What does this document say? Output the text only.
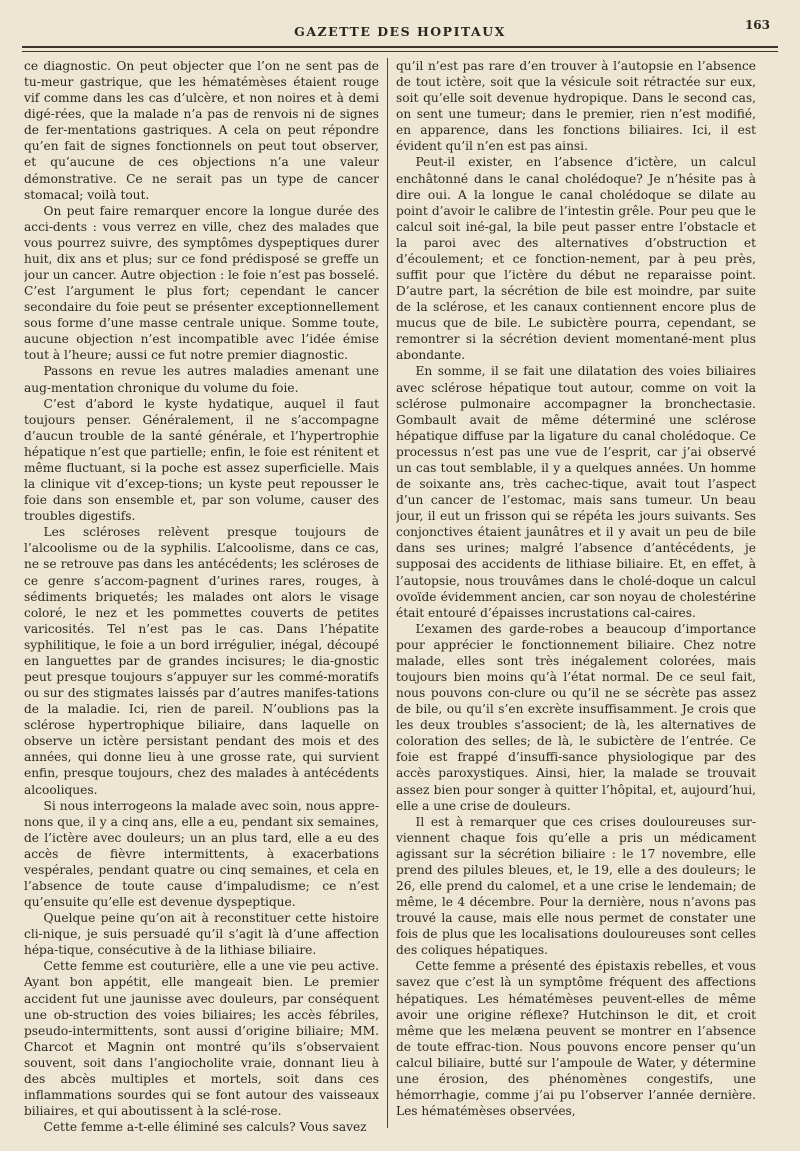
GAZETTE DES HOPITAUX	163

ce diagnostic. On peut objecter que l’on ne sent pas de tu-meur gastrique, que les hématémèses étaient rouge vif comme dans les cas d’ulcère, et non noires et à demi digé-rées, que la malade n’a pas de renvois ni de signes de fer-mentations gastriques. A cela on peut répondre qu’en fait de signes fonctionnels on peut tout observer, et qu’aucune de ces objections n’a une valeur démonstrative. Ce ne serait pas un type de cancer stomacal; voilà tout.

On peut faire remarquer encore la longue durée des acci-dents : vous verrez en ville, chez des malades que vous pourrez suivre, des symptômes dyspeptiques durer huit, dix ans et plus; sur ce fond prédisposé se greffe un jour un cancer. Autre objection : le foie n’est pas bosselé. C’est l’argument le plus fort; cependant le cancer secondaire du foie peut se présenter exceptionnellement sous forme d’une masse centrale unique. Somme toute, aucune objection n’est incompatible avec l’idée émise tout à l’heure; aussi ce fut notre premier diagnostic.

Passons en revue les autres maladies amenant une aug-mentation chronique du volume du foie.

C’est d’abord le kyste hydatique, auquel il faut toujours penser. Généralement, il ne s’accompagne d’aucun trouble de la santé générale, et l’hypertrophie hépatique n’est que partielle; enfin, le foie est rénitent et même fluctuant, si la poche est assez superficielle. Mais la clinique vit d’excep-tions; un kyste peut repousser le foie dans son ensemble et, par son volume, causer des troubles digestifs.

Les scléroses relèvent presque toujours de l’alcoolisme ou de la syphilis. L’alcoolisme, dans ce cas, ne se retrouve pas dans les antécédents; les scléroses de ce genre s’accom-pagnent d’urines rares, rouges, à sédiments briquetés; les malades ont alors le visage coloré, le nez et les pommettes couverts de petites varicosités. Tel n’est pas le cas. Dans l’hépatite syphilitique, le foie a un bord irrégulier, inégal, découpé en languettes par de grandes incisures; le dia-gnostic peut presque toujours s’appuyer sur les commé-moratifs ou sur des stigmates laissés par d’autres manifes-tations de la maladie. Ici, rien de pareil. N’oublions pas la sclérose hypertrophique biliaire, dans laquelle on observe un ictère persistant pendant des mois et des années, qui donne lieu à une grosse rate, qui survient enfin, presque toujours, chez des malades à antécédents alcooliques.

Si nous interrogeons la malade avec soin, nous appre-nons que, il y a cinq ans, elle a eu, pendant six semaines, de l’ictère avec douleurs; un an plus tard, elle a eu des accès de fièvre intermittents, à exacerbations vespérales, pendant quatre ou cinq semaines, et cela en l’absence de toute cause d’impaludisme; ce n’est qu’ensuite qu’elle est devenue dyspeptique.

Quelque peine qu’on ait à reconstituer cette histoire cli-nique, je suis persuadé qu’il s’agit là d’une affection hépa-tique, consécutive à de la lithiase biliaire.

Cette femme est couturière, elle a une vie peu active. Ayant bon appétit, elle mangeait bien. Le premier accident fut une jaunisse avec douleurs, par conséquent une ob-struction des voies biliaires; les accès fébriles, pseudo-intermittents, sont aussi d’origine biliaire; MM. Charcot et Magnin ont montré qu’ils s’observaient souvent, soit dans l’angiocholite vraie, donnant lieu à des abcès multiples et mortels, soit dans ces inflammations sourdes qui se font autour des vaisseaux biliaires, et qui aboutissent à la sclé-rose.

Cette femme a-t-elle éliminé ses calculs? Vous savez

qu’il n’est pas rare d’en trouver à l’autopsie en l’absence de tout ictère, soit que la vésicule soit rétractée sur eux, soit qu’elle soit devenue hydropique. Dans le second cas, on sent une tumeur; dans le premier, rien n’est modifié, en apparence, dans les fonctions biliaires. Ici, il est évident qu’il n’en est pas ainsi.

Peut-il exister, en l’absence d’ictère, un calcul enchâtonné dans le canal cholédoque? Je n’hésite pas à dire oui. A la longue le canal cholédoque se dilate au point d’avoir le calibre de l’intestin grêle. Pour peu que le calcul soit iné-gal, la bile peut passer entre l’obstacle et la paroi avec des alternatives d’obstruction et d’écoulement; et ce fonction-nement, par à peu près, suffit pour que l’ictère du début ne reparaisse point. D’autre part, la sécrétion de bile est moindre, par suite de la sclérose, et les canaux contiennent encore plus de mucus que de bile. Le subictère pourra, cependant, se remontrer si la sécrétion devient momentané-ment plus abondante.

En somme, il se fait une dilatation des voies biliaires avec sclérose hépatique tout autour, comme on voit la sclérose pulmonaire accompagner la bronchectasie. Gombault avait de même déterminé une sclérose hépatique diffuse par la ligature du canal cholédoque. Ce processus n’est pas une vue de l’esprit, car j’ai observé un cas tout semblable, il y a quelques années. Un homme de soixante ans, très cachec-tique, avait tout l’aspect d’un cancer de l’estomac, mais sans tumeur. Un beau jour, il eut un frisson qui se répéta les jours suivants. Ses conjonctives étaient jaunâtres et il y avait un peu de bile dans ses urines; malgré l’absence d’antécédents, je supposai des accidents de lithiase biliaire. Et, en effet, à l’autopsie, nous trouvâmes dans le cholé-doque un calcul ovoïde évidemment ancien, car son noyau de cholestérine était entouré d’épaisses incrustations cal-caires.

L’examen des garde-robes a beaucoup d’importance pour apprécier le fonctionnement biliaire. Chez notre malade, elles sont très inégalement colorées, mais toujours bien moins qu’à l’état normal. De ce seul fait, nous pouvons con-clure ou qu’il ne se sécrète pas assez de bile, ou qu’il s’en excrète insuffisamment. Je crois que les deux troubles s’associent; de là, les alternatives de coloration des selles; de là, le subictère de l’entrée. Ce foie est frappé d’insuffi-sance physiologique par des accès paroxystiques. Ainsi, hier, la malade se trouvait assez bien pour songer à quitter l’hôpital, et, aujourd’hui, elle a une crise de douleurs.

Il est à remarquer que ces crises douloureuses sur-viennent chaque fois qu’elle a pris un médicament agissant sur la sécrétion biliaire : le 17 novembre, elle prend des pilules bleues, et, le 19, elle a des douleurs; le 26, elle prend du calomel, et a une crise le lendemain; de même, le 4 décembre. Pour la dernière, nous n’avons pas trouvé la cause, mais elle nous permet de constater une fois de plus que les localisations douloureuses sont celles des coliques hépatiques.

Cette femme a présenté des épistaxis rebelles, et vous savez que c’est là un symptôme fréquent des affections hépatiques. Les hématémèses peuvent-elles de même avoir une origine réflexe? Hutchinson le dit, et croit même que les melæna peuvent se montrer en l’absence de toute effrac-tion. Nous pouvons encore penser qu’un calcul biliaire, butté sur l’ampoule de Water, y détermine une érosion, des phénomènes congestifs, une hémorrhagie, comme j’ai pu l’observer l’année dernière. Les hématémèses observées,
